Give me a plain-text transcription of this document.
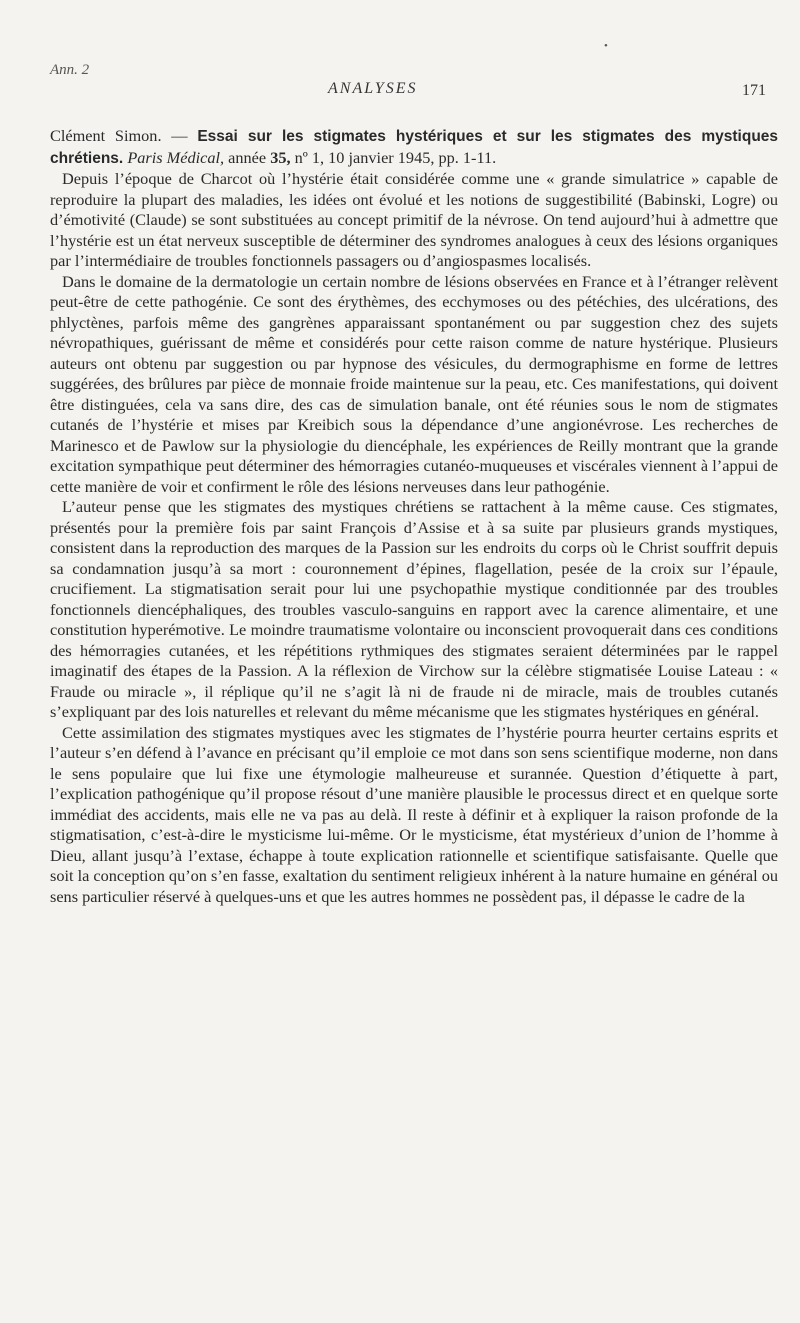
•
Ann. 2
ANALYSES	171

Clément Simon. — Essai sur les stigmates hystériques et sur les stigmates des mystiques chrétiens. Paris Médical, année 35, nº 1, 10 janvier 1945, pp. 1-11.

Depuis l’époque de Charcot où l’hystérie était considérée comme une « grande simulatrice » capable de reproduire la plupart des maladies, les idées ont évolué et les notions de suggestibilité (Babinski, Logre) ou d’émotivité (Claude) se sont substituées au concept primitif de la névrose. On tend aujourd’hui à admettre que l’hystérie est un état nerveux susceptible de déterminer des syndromes analogues à ceux des lésions organiques par l’intermédiaire de troubles fonctionnels passagers ou d’angiospasmes localisés.

Dans le domaine de la dermatologie un certain nombre de lésions observées en France et à l’étranger relèvent peut-être de cette pathogénie. Ce sont des érythèmes, des ecchymoses ou des pétéchies, des ulcérations, des phlyctènes, parfois même des gangrènes apparaissant spontanément ou par suggestion chez des sujets névropathiques, guérissant de même et considérés pour cette raison comme de nature hystérique. Plusieurs auteurs ont obtenu par suggestion ou par hypnose des vésicules, du dermographisme en forme de lettres suggérées, des brûlures par pièce de monnaie froide maintenue sur la peau, etc. Ces manifestations, qui doivent être distinguées, cela va sans dire, des cas de simulation banale, ont été réunies sous le nom de stigmates cutanés de l’hystérie et mises par Kreibich sous la dépendance d’une angionévrose. Les recherches de Marinesco et de Pawlow sur la physiologie du diencéphale, les expériences de Reilly montrant que la grande excitation sympathique peut déterminer des hémorragies cutanéo-muqueuses et viscérales viennent à l’appui de cette manière de voir et confirment le rôle des lésions nerveuses dans leur pathogénie.

L’auteur pense que les stigmates des mystiques chrétiens se rattachent à la même cause. Ces stigmates, présentés pour la première fois par saint François d’Assise et à sa suite par plusieurs grands mystiques, consistent dans la reproduction des marques de la Passion sur les endroits du corps où le Christ souffrit depuis sa condamnation jusqu’à sa mort : couronnement d’épines, flagellation, pesée de la croix sur l’épaule, crucifiement. La stigmatisation serait pour lui une psychopathie mystique conditionnée par des troubles fonctionnels diencéphaliques, des troubles vasculo-sanguins en rapport avec la carence alimentaire, et une constitution hyperémotive. Le moindre traumatisme volontaire ou inconscient provoquerait dans ces conditions des hémorragies cutanées, et les répétitions rythmiques des stigmates seraient déterminées par le rappel imaginatif des étapes de la Passion. A la réflexion de Virchow sur la célèbre stigmatisée Louise Lateau : « Fraude ou miracle », il réplique qu’il ne s’agit là ni de fraude ni de miracle, mais de troubles cutanés s’expliquant par des lois naturelles et relevant du même mécanisme que les stigmates hystériques en général.

Cette assimilation des stigmates mystiques avec les stigmates de l’hystérie pourra heurter certains esprits et l’auteur s’en défend à l’avance en précisant qu’il emploie ce mot dans son sens scientifique moderne, non dans le sens populaire que lui fixe une étymologie malheureuse et surannée. Question d’étiquette à part, l’explication pathogénique qu’il propose résout d’une manière plausible le processus direct et en quelque sorte immédiat des accidents, mais elle ne va pas au delà. Il reste à définir et à expliquer la raison profonde de la stigmatisation, c’est-à-dire le mysticisme lui-même. Or le mysticisme, état mystérieux d’union de l’homme à Dieu, allant jusqu’à l’extase, échappe à toute explication rationnelle et scientifique satisfaisante. Quelle que soit la conception qu’on s’en fasse, exaltation du sentiment religieux inhérent à la nature humaine en général ou sens particulier réservé à quelques-uns et que les autres hommes ne possèdent pas, il dépasse le cadre de la
